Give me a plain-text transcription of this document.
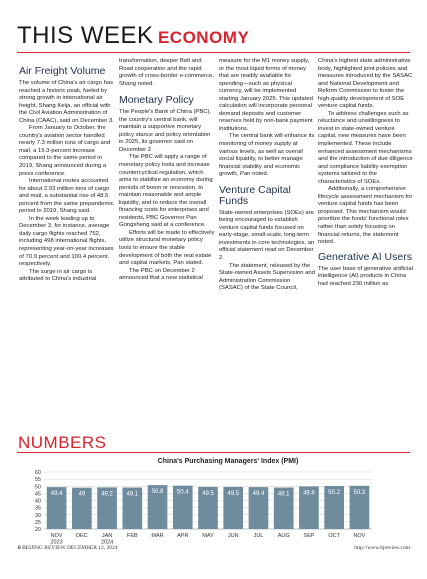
THIS WEEK ECONOMY
Air Freight Volume

The volume of China's air cargo has reached a historic peak, fueled by strong growth in international air freight, Shang Keija, an official with the Civil Aviation Administration of China (CAAC), said on December 3.

From January to October, the country's aviation sector handled nearly 7.3 million tons of cargo and mail, a 19.3-percent increase compared to the same period in 2019, Shang announced during a press conference.

International routes accounted for about 2.93 million tons of cargo and mail, a substantial rise of 48.5 percent from the same prepandemic period in 2019, Shang said.

In the week leading up to December 3, for instance, average daily cargo flights reached 752, including 498 international flights, representing year-on-year increases of 70.9 percent and 100.4 percent, respectively.

The surge in air cargo is attributed to China's industrial

transformation, deeper Belt and Road cooperation and the rapid growth of cross-border e-commerce, Shang noted.

Monetary Policy

The People's Bank of China (PBC), the country's central bank, will maintain a supportive monetary policy stance and policy orientation in 2025, its governor said on December 2.

The PBC will apply a range of monetary policy tools and increase countercyclical regulation, which aims to stabilize an economy during periods of boom or recession, to maintain reasonable and ample liquidity, and to reduce the overall financing costs for enterprises and residents, PBC Governor Pan Gongsheng said at a conference.

Efforts will be made to effectively utilize structural monetary policy tools to ensure the stable development of both the real estate and capital markets, Pan stated.

The PBC on December 2 announced that a new statistical

measure for the M1 money supply, or the most liquid forms of money that are readily available for spending—such as physical currency, will be implemented starting January 2025. This updated calculation will incorporate personal demand deposits and customer reserves held by non-bank payment institutions.

The central bank will enhance its monitoring of money supply at various levels, as well as overall social liquidity, to better manage financial stability and economic growth, Pan noted.

Venture Capital Funds

State-owned enterprises (SOEs) are being encouraged to establish venture capital funds focused on early-stage, small-scale, long-term investments in core technologies, an official statement read on December 2.

The statement, released by the State-owned Assets Supervision and Administration Commission (SASAC) of the State Council,

China's highest state administrative body, highlighted joint policies and measures introduced by the SASAC and National Development and Reform Commission to foster the high-quality development of SOE venture capital funds.

To address challenges such as reluctance and unwillingness to invest in state-owned venture capital, new measures have been implemented. These include enhanced assessment mechanisms and the introduction of due diligence and compliance liability exemption systems tailored to the characteristics of SOEs.

Additionally, a comprehensive lifecycle assessment mechanism for venture capital funds has been proposed. This mechanism would prioritize the funds' functional roles rather than solely focusing on financial returns, the statement noted.

Generative AI Users

The user base of generative artificial intelligence (AI) products in China had reached 230 million as

NUMBERS
China's Purchasing Managers' Index (PMI)
20
25
30
35
40
45
50
55
60
49.4
NOV
2023
49
DEC
49.2
JAN
2024
49.1
FEB
50.8
MAR
50.4
APR
49.5
MAY
49.5
JUN
49.4
JUL
49.1
AUG
49.8
SEP
50.2
OCT
50.3
NOV
6 BEIJING REVIEW DECEMBER 12, 2024	http://www.bjreview.com
